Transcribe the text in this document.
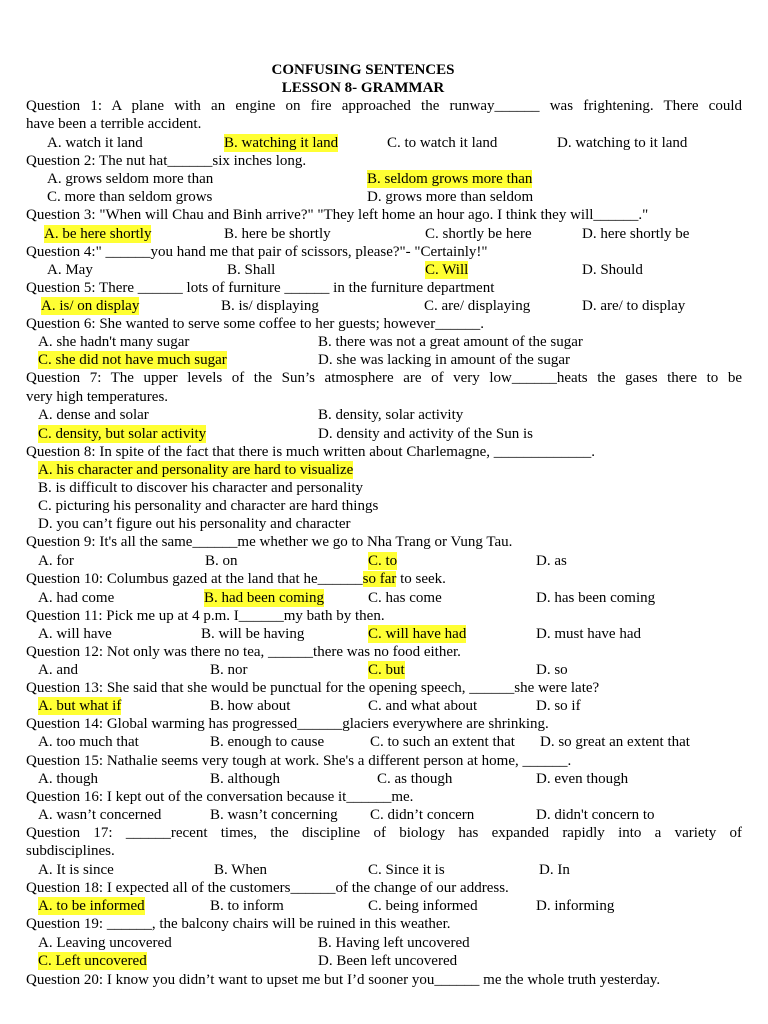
CONFUSING SENTENCES
LESSON 8- GRAMMAR
Question 1: A plane with an engine on fire approached the runway______ was frightening. There could
have been a terrible accident.
A. watch it land	B. watching it land	C. to watch it land	D. watching to it land
Question 2: The nut hat______six inches long.
A. grows seldom more than	B. seldom grows more than
C. more than seldom grows	D. grows more than seldom
Question 3: "When will Chau and Binh arrive?" "They left home an hour ago. I think they will______."
A. be here shortly	B. here be shortly	C. shortly be here	D. here shortly be
Question 4:" ______you hand me that pair of scissors, please?"- "Certainly!"
A. May	B. Shall	C. Will	D. Should
Question 5: There ______ lots of furniture ______ in the furniture department
A. is/ on display	B. is/ displaying	C. are/ displaying	D. are/ to display
Question 6: She wanted to serve some coffee to her guests; however______.
A. she hadn't many sugar	B. there was not a great amount of the sugar
C. she did not have much sugar	D. she was lacking in amount of the sugar
Question 7: The upper levels of the Sun’s atmosphere are of very low______heats the gases there to be
very high temperatures.
A. dense and solar	B. density, solar activity
C. density, but solar activity	D. density and activity of the Sun is
Question 8: In spite of the fact that there is much written about Charlemagne, _____________.
A. his character and personality are hard to visualize
B. is difficult to discover his character and personality
C. picturing his personality and character are hard things
D. you can’t figure out his personality and character
Question 9: It's all the same______me whether we go to Nha Trang or Vung Tau.
A. for	B. on	C. to	D. as
Question 10: Columbus gazed at the land that he______so far to seek.
A. had come	B. had been coming	C. has come	D. has been coming
Question 11: Pick me up at 4 p.m. I______my bath by then.
A. will have	B. will be having	C. will have had	D. must have had
Question 12: Not only was there no tea, ______there was no food either.
A. and	B. nor	C. but	D. so
Question 13: She said that she would be punctual for the opening speech, ______she were late?
A. but what if	B. how about	C. and what about	D. so if
Question 14: Global warming has progressed______glaciers everywhere are shrinking.
A. too much that	B. enough to cause	C. to such an extent that D. so great an extent that
Question 15: Nathalie seems very tough at work. She's a different person at home, ______.
A. though	B. although	C. as though	D. even though
Question 16: I kept out of the conversation because it______me.
A. wasn’t concerned	B. wasn’t concerning C. didn’t concern	D. didn't concern to
Question 17: ______recent times, the discipline of biology has expanded rapidly into a variety of
subdisciplines.
A. It is since	B. When	C. Since it is	D. In
Question 18: I expected all of the customers______of the change of our address.
A. to be informed	B. to inform	C. being informed	D. informing
Question 19: ______, the balcony chairs will be ruined in this weather.
A. Leaving uncovered	B. Having left uncovered
C. Left uncovered	D. Been left uncovered
Question 20: I know you didn’t want to upset me but I’d sooner you______ me the whole truth yesterday.
